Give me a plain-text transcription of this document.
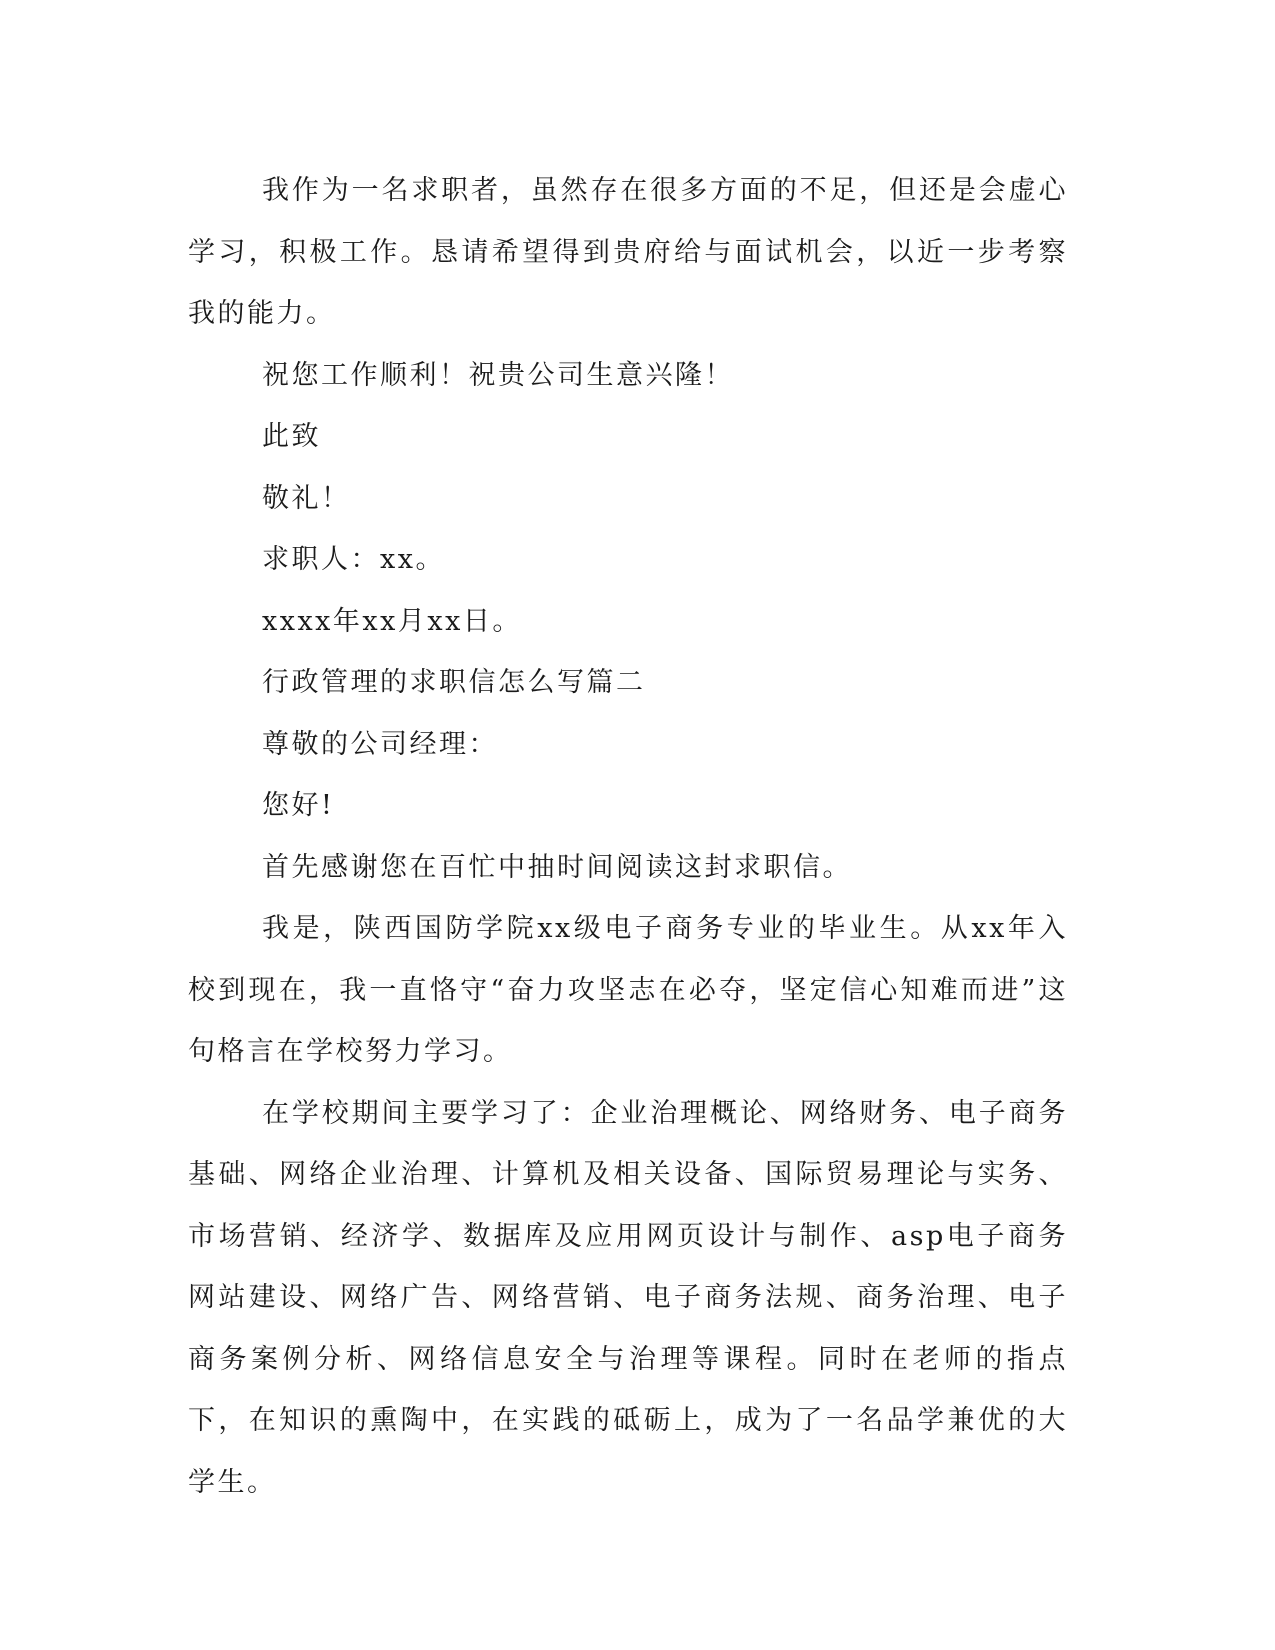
我作为一名求职者，虽然存在很多方面的不足，但还是会虚心学习，积极工作。恳请希望得到贵府给与面试机会，以近一步考察我的能力。

祝您工作顺利！祝贵公司生意兴隆！

此致

敬礼！

求职人：xx。

xxxx年xx月xx日。

行政管理的求职信怎么写篇二

尊敬的公司经理：

您好!

首先感谢您在百忙中抽时间阅读这封求职信。

我是，陕西国防学院xx级电子商务专业的毕业生。从xx年入校到现在，我一直恪守“奋力攻坚志在必夺，坚定信心知难而进”这句格言在学校努力学习。

在学校期间主要学习了：企业治理概论、网络财务、电子商务基础、网络企业治理、计算机及相关设备、国际贸易理论与实务、市场营销、经济学、数据库及应用网页设计与制作、asp电子商务网站建设、网络广告、网络营销、电子商务法规、商务治理、电子商务案例分析、网络信息安全与治理等课程。同时在老师的指点下，在知识的熏陶中，在实践的砥砺上，成为了一名品学兼优的大学生。
